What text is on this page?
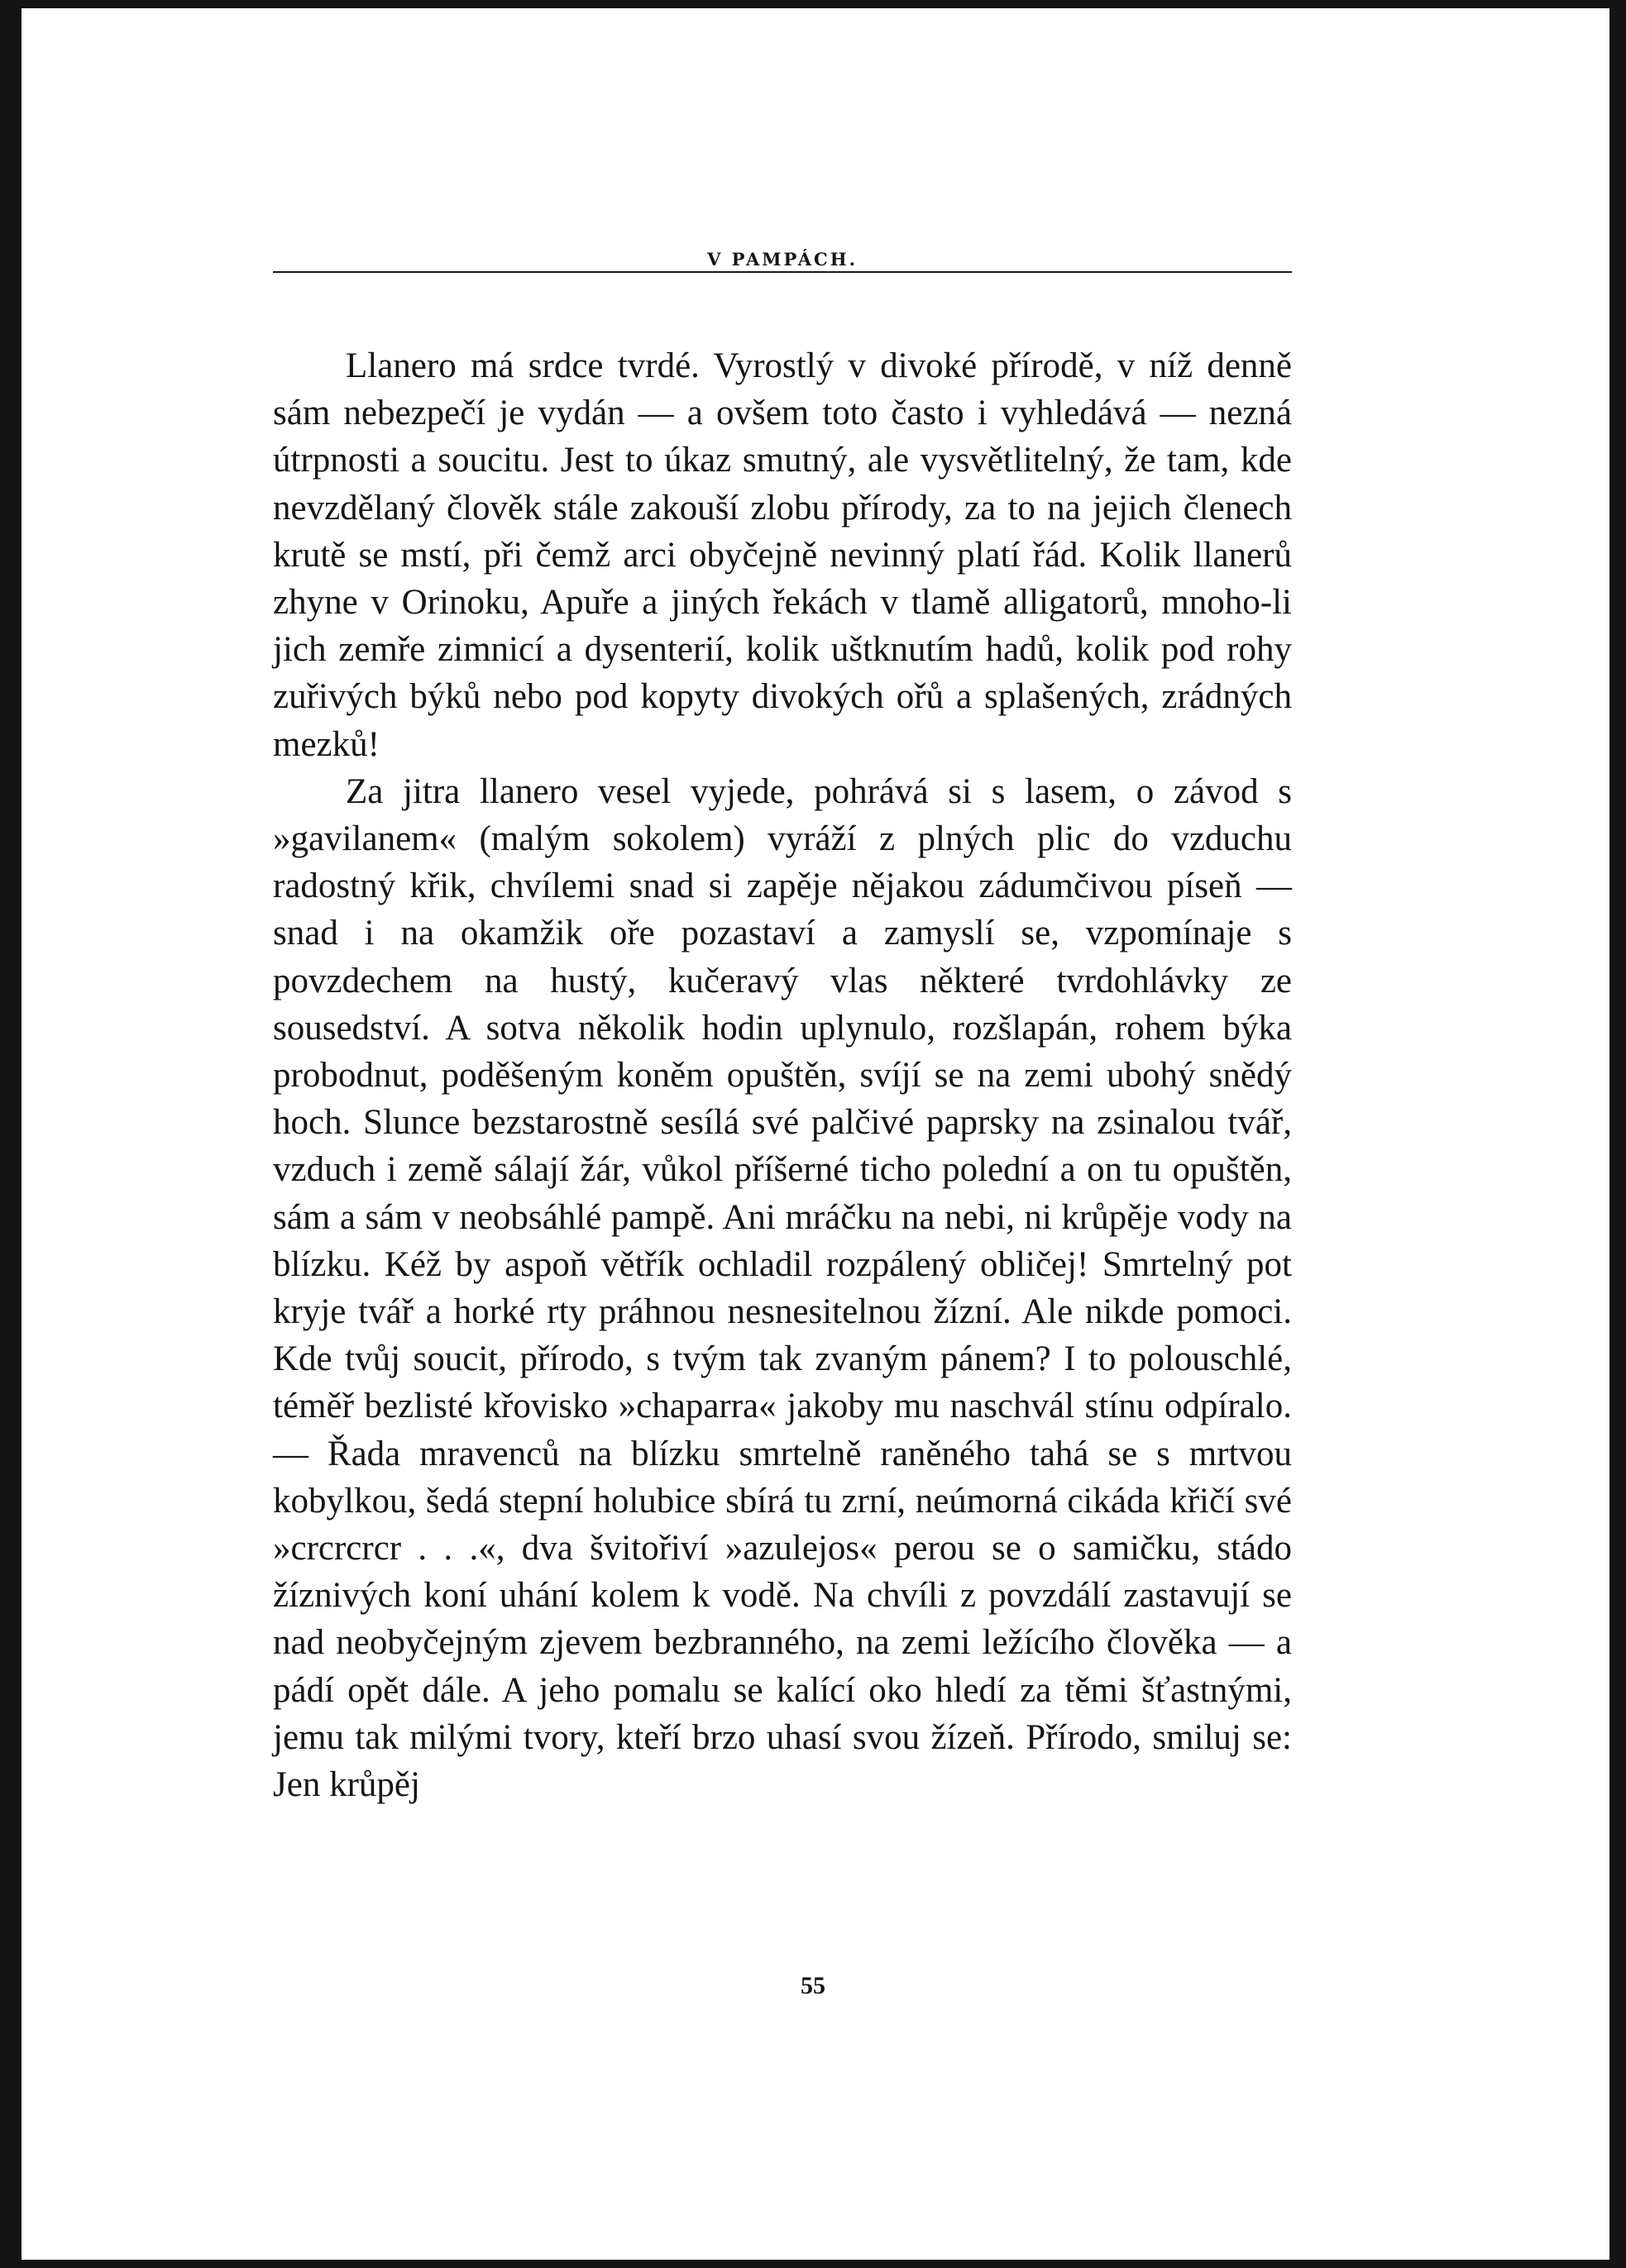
V PAMPÁCH.

Llanero má srdce tvrdé. Vyrostlý v divoké přírodě, v níž denně sám nebezpečí je vydán — a ovšem toto často i vyhledává — nezná útrpnosti a soucitu. Jest to úkaz smutný, ale vysvětlitelný, že tam, kde nevzdělaný člověk stále zakouší zlobu přírody, za to na jejich členech krutě se mstí, při čemž arci obyčejně nevinný platí řád. Kolik llanerů zhyne v Orinoku, Apuře a jiných řekách v tlamě alligatorů, mnoho-li jich zemře zimnicí a dysenterií, kolik uštknutím hadů, kolik pod rohy zuřivých býků nebo pod kopyty divokých ořů a splašených, zrádných mezků!

Za jitra llanero vesel vyjede, pohrává si s lasem, o závod s »gavilanem« (malým sokolem) vyráží z plných plic do vzduchu radostný křik, chvílemi snad si zapěje nějakou zádumčivou píseň — snad i na okamžik oře pozastaví a zamyslí se, vzpomínaje s povzdechem na hustý, kučeravý vlas některé tvrdohlávky ze sousedství. A sotva několik hodin uplynulo, rozšlapán, rohem býka probodnut, poděšeným koněm opuštěn, svíjí se na zemi ubohý snědý hoch. Slunce bezstarostně sesílá své palčivé paprsky na zsinalou tvář, vzduch i země sálají žár, vůkol příšerné ticho polední a on tu opuštěn, sám a sám v neobsáhlé pampě. Ani mráčku na nebi, ni krůpěje vody na blízku. Kéž by aspoň větřík ochladil rozpálený obličej! Smrtelný pot kryje tvář a horké rty práhnou nesnesitelnou žízní. Ale nikde pomoci. Kde tvůj soucit, přírodo, s tvým tak zvaným pánem? I to polouschlé, téměř bezlisté křovisko »chaparra« jakoby mu naschvál stínu odpíralo. — Řada mravenců na blízku smrtelně raněného tahá se s mrtvou kobylkou, šedá stepní holubice sbírá tu zrní, neúmorná cikáda křičí své »crcrcrcr . . .«, dva švitořiví »azulejos« perou se o samičku, stádo žíznivých koní uhání kolem k vodě. Na chvíli z povzdálí zastavují se nad neobyčejným zjevem bezbranného, na zemi ležícího člověka — a pádí opět dále. A jeho pomalu se kalící oko hledí za těmi šťastnými, jemu tak milými tvory, kteří brzo uhasí svou žízeň. Přírodo, smiluj se: Jen krůpěj

55
